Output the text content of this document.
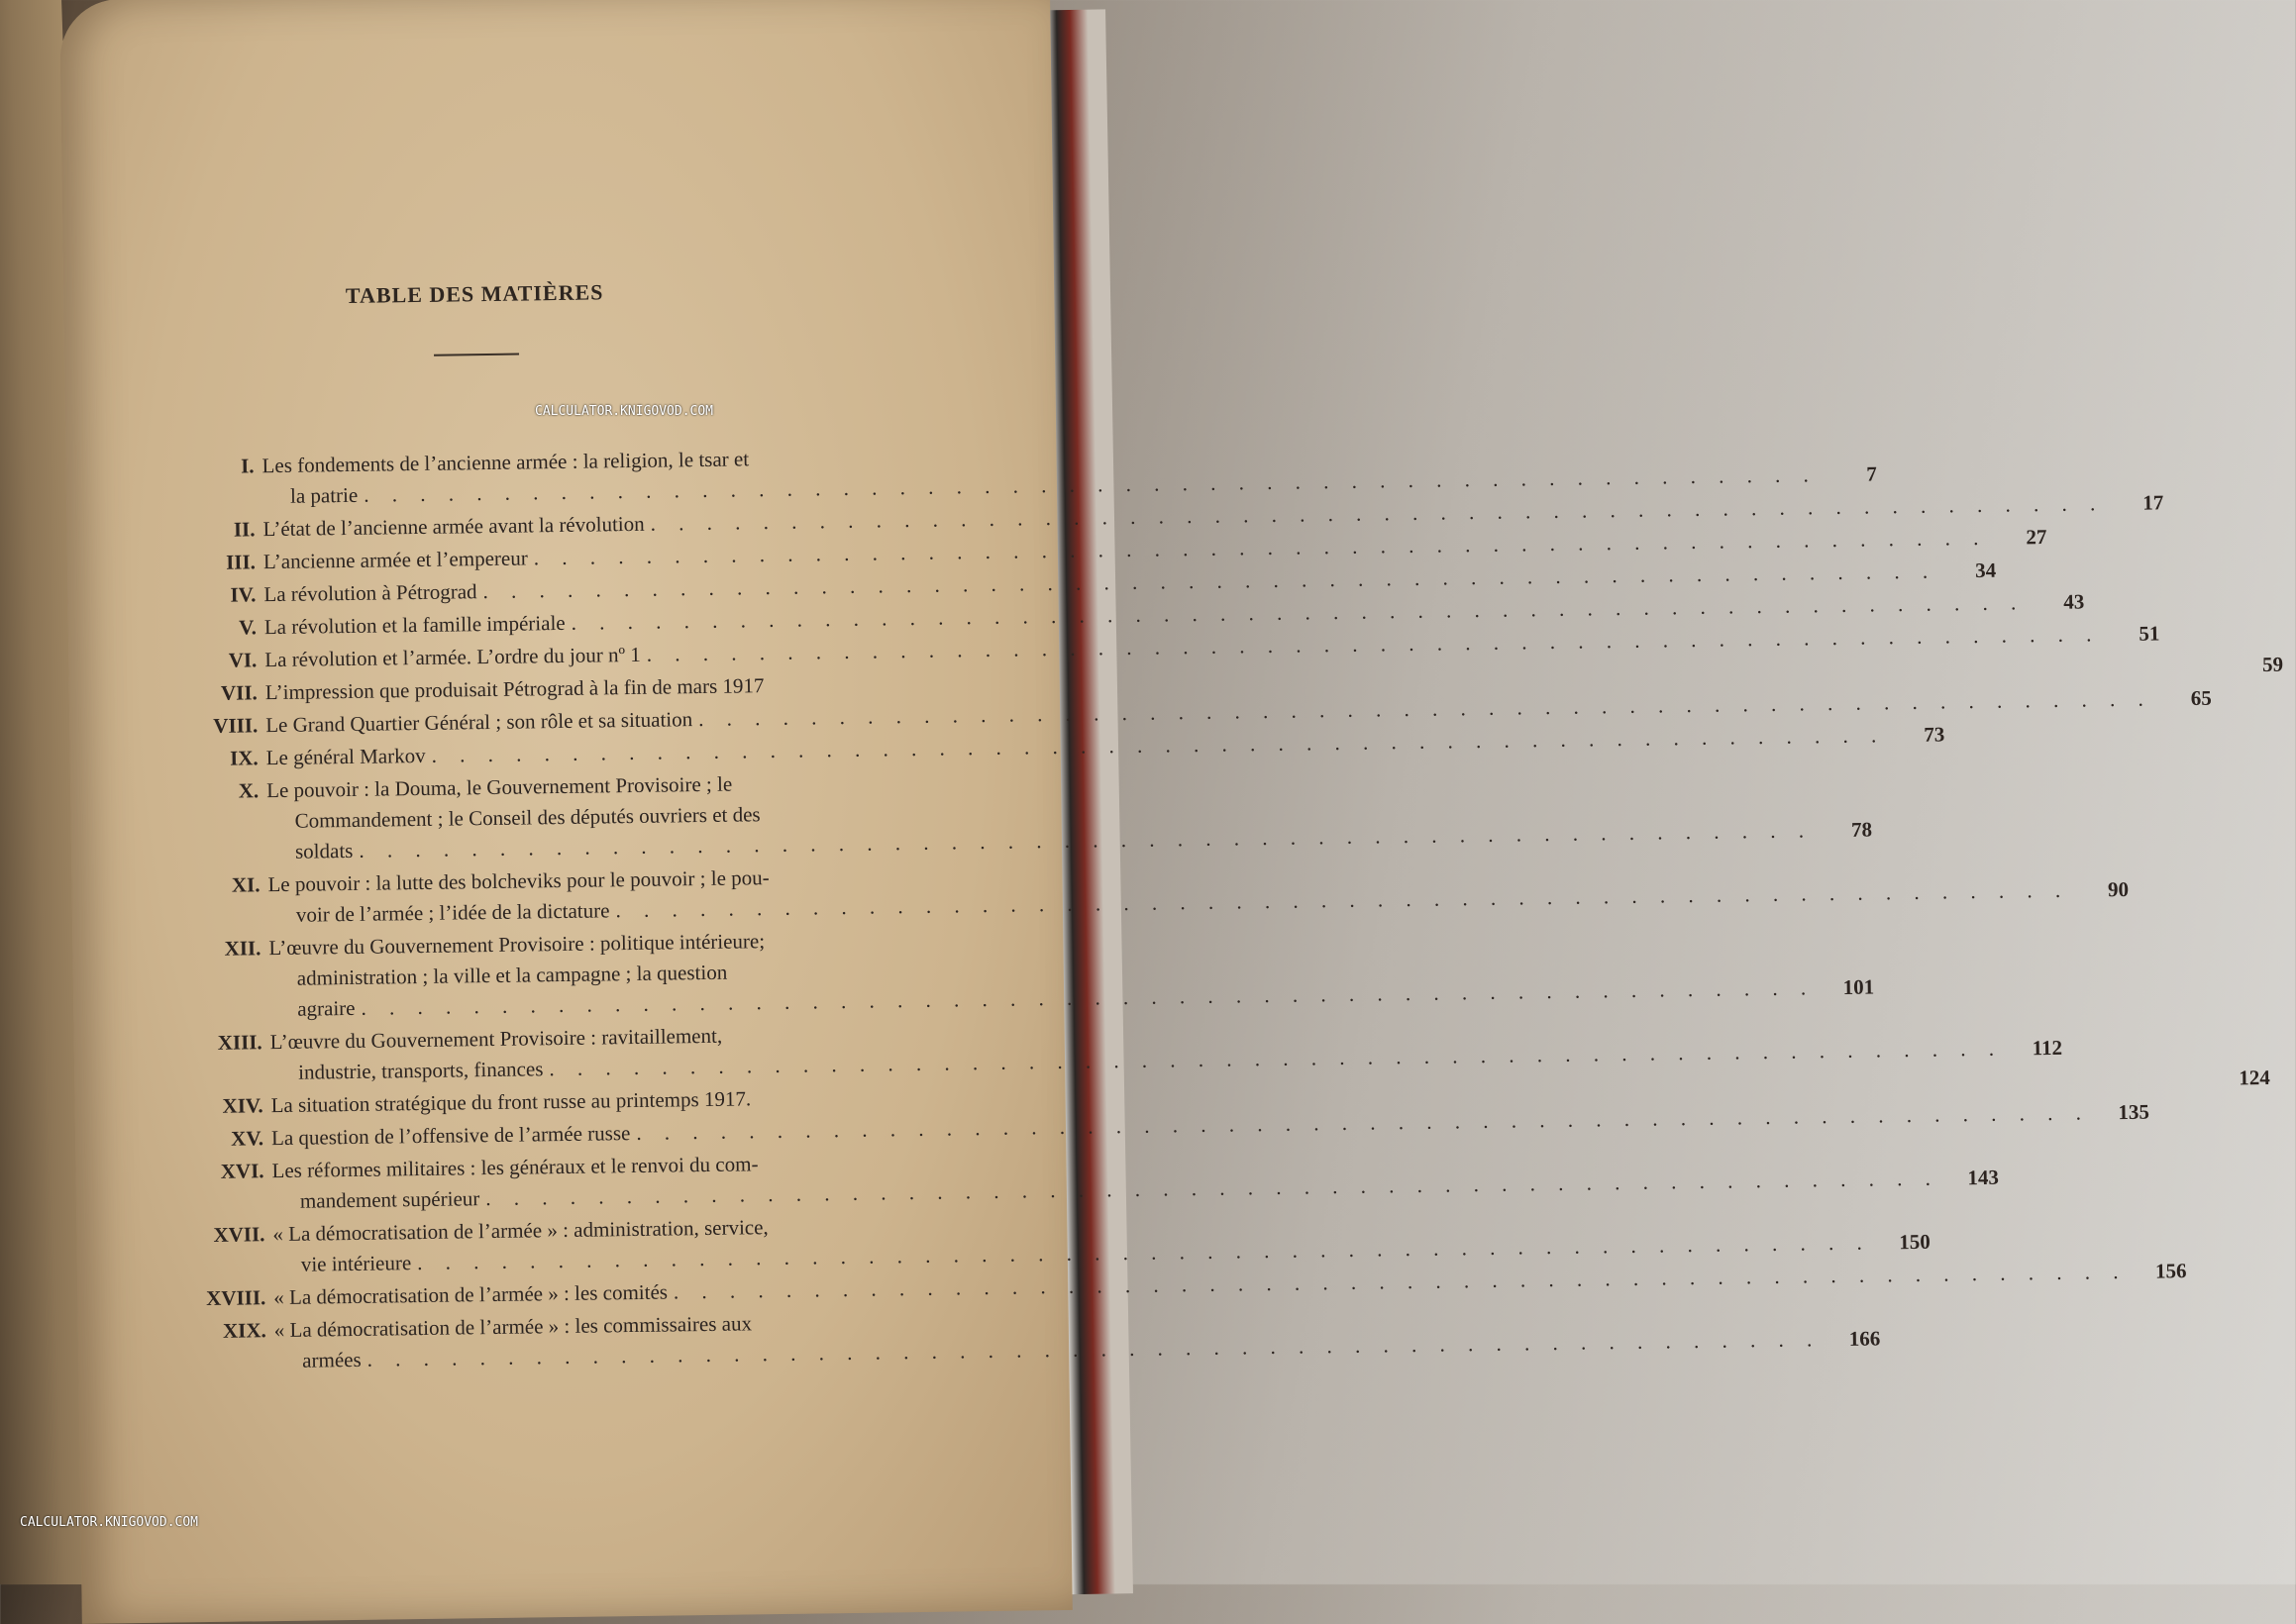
TABLE DES MATIÈRES
I. Les fondements de l’ancienne armée : la religion, le tsar et
la patrie
. . .
7
II. L’état de l’ancienne armée avant la révolution
. . .
17
III. L’ancienne armée et l’empereur
. . .
27
IV. La révolution à Pétrograd
. . .
34
V. La révolution et la famille impériale
. . .
43
VI. La révolution et l’armée. L’ordre du jour nº 1
. . .
51
VII. L’impression que produisait Pétrograd à la fin de mars 1917
59
VIII. Le Grand Quartier Général ; son rôle et sa situation
. . .
65
IX. Le général Markov
. . .
73
X. Le pouvoir : la Douma, le Gouvernement Provisoire ; le
Commandement ; le Conseil des députés ouvriers et des
soldats
. . .
78
XI. Le pouvoir : la lutte des bolcheviks pour le pouvoir ; le pou-
voir de l’armée ; l’idée de la dictature
. . .
90
XII. L’œuvre du Gouvernement Provisoire : politique intérieure;
administration ; la ville et la campagne ; la question
agraire
. . .
101
XIII. L’œuvre du Gouvernement Provisoire : ravitaillement,
industrie, transports, finances
. . .
112
XIV. La situation stratégique du front russe au printemps 1917.
124
XV. La question de l’offensive de l’armée russe
. . .
135
XVI. Les réformes militaires : les généraux et le renvoi du com-
mandement supérieur
. . .
143
XVII. « La démocratisation de l’armée » : administration, service,
vie intérieure
. . .
150
XVIII. « La démocratisation de l’armée » : les comités
. . .
156
XIX. « La démocratisation de l’armée » : les commissaires aux
armées
. . .
166
CALCULATOR.KNIGOVOD.COM
CALCULATOR.KNIGOVOD.COM
